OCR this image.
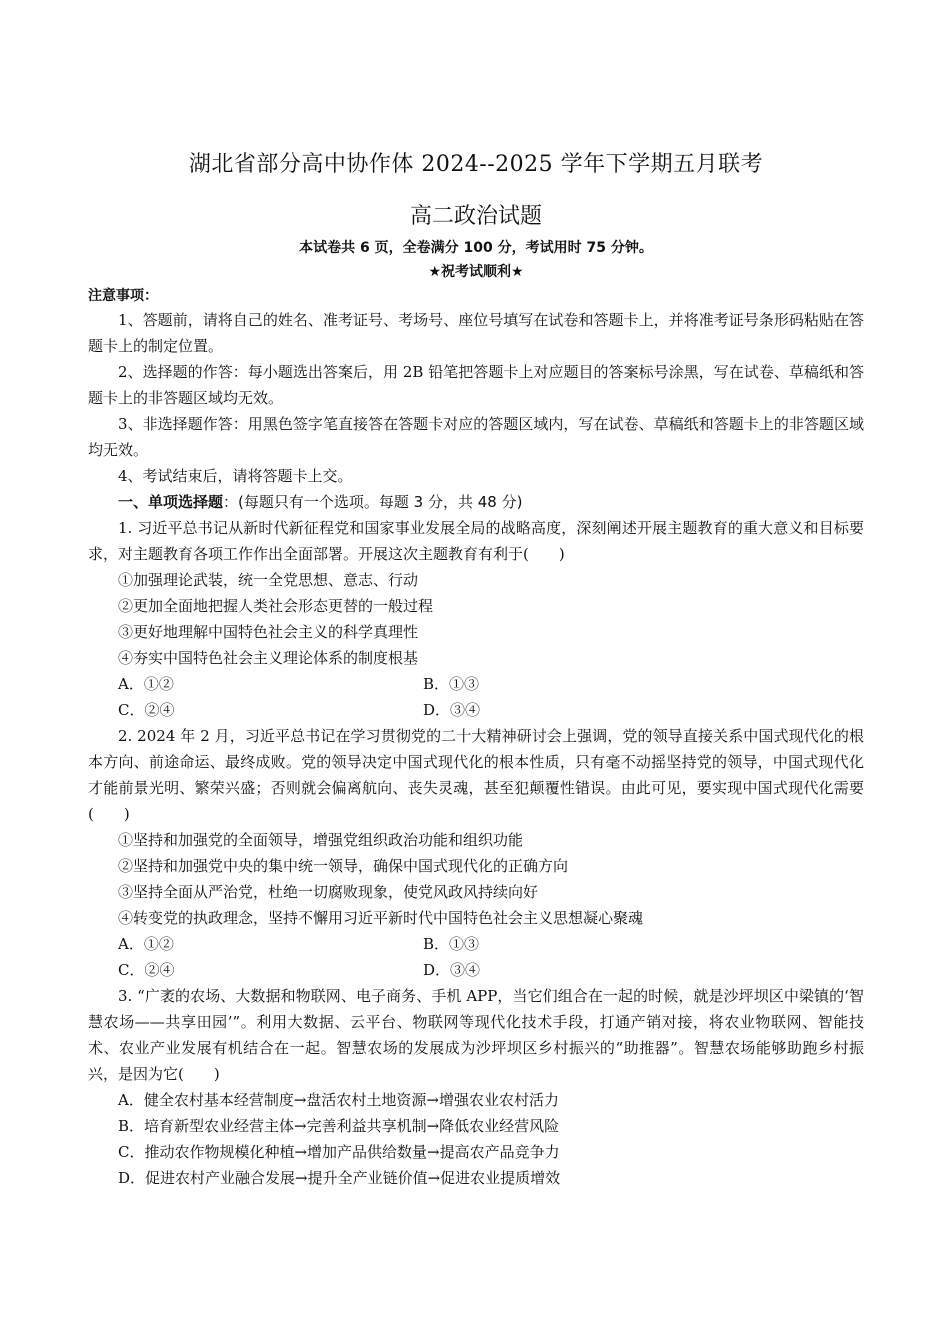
湖北省部分高中协作体 2024--2025 学年下学期五月联考
高二政治试题
本试卷共 6 页，全卷满分 100 分，考试用时 75 分钟。
★祝考试顺利★
注意事项：

1、答题前，请将自己的姓名、准考证号、考场号、座位号填写在试卷和答题卡上，并将准考证号条形码粘贴在答题卡上的制定位置。

2、选择题的作答：每小题选出答案后，用 2B 铅笔把答题卡上对应题目的答案标号涂黑，写在试卷、草稿纸和答题卡上的非答题区域均无效。

3、非选择题作答：用黑色签字笔直接答在答题卡对应的答题区域内，写在试卷、草稿纸和答题卡上的非答题区域均无效。

4、考试结束后，请将答题卡上交。

一、单项选择题：(每题只有一个选项。每题 3 分，共 48 分)

1. 习近平总书记从新时代新征程党和国家事业发展全局的战略高度，深刻阐述开展主题教育的重大意义和目标要求，对主题教育各项工作作出全面部署。开展这次主题教育有利于(　　)

①加强理论武装，统一全党思想、意志、行动

②更加全面地把握人类社会形态更替的一般过程

③更好地理解中国特色社会主义的科学真理性

④夯实中国特色社会主义理论体系的制度根基

A．①②	B．①③
C．②④	D．③④

2. 2024 年 2 月，习近平总书记在学习贯彻党的二十大精神研讨会上强调，党的领导直接关系中国式现代化的根本方向、前途命运、最终成败。党的领导决定中国式现代化的根本性质，只有毫不动摇坚持党的领导，中国式现代化才能前景光明、繁荣兴盛；否则就会偏离航向、丧失灵魂，甚至犯颠覆性错误。由此可见，要实现中国式现代化需要(　　)

①坚持和加强党的全面领导，增强党组织政治功能和组织功能

②坚持和加强党中央的集中统一领导，确保中国式现代化的正确方向

③坚持全面从严治党，杜绝一切腐败现象，使党风政风持续向好

④转变党的执政理念，坚持不懈用习近平新时代中国特色社会主义思想凝心聚魂

A．①②	B．①③
C．②④	D．③④

3. “广袤的农场、大数据和物联网、电子商务、手机 APP，当它们组合在一起的时候，就是沙坪坝区中梁镇的‘智慧农场——共享田园’”。利用大数据、云平台、物联网等现代化技术手段，打通产销对接，将农业物联网、智能技术、农业产业发展有机结合在一起。智慧农场的发展成为沙坪坝区乡村振兴的“助推器”。智慧农场能够助跑乡村振兴，是因为它(　　)

A．健全农村基本经营制度→盘活农村土地资源→增强农业农村活力

B．培育新型农业经营主体→完善利益共享机制→降低农业经营风险

C．推动农作物规模化种植→增加产品供给数量→提高农产品竞争力

D．促进农村产业融合发展→提升全产业链价值→促进农业提质增效
